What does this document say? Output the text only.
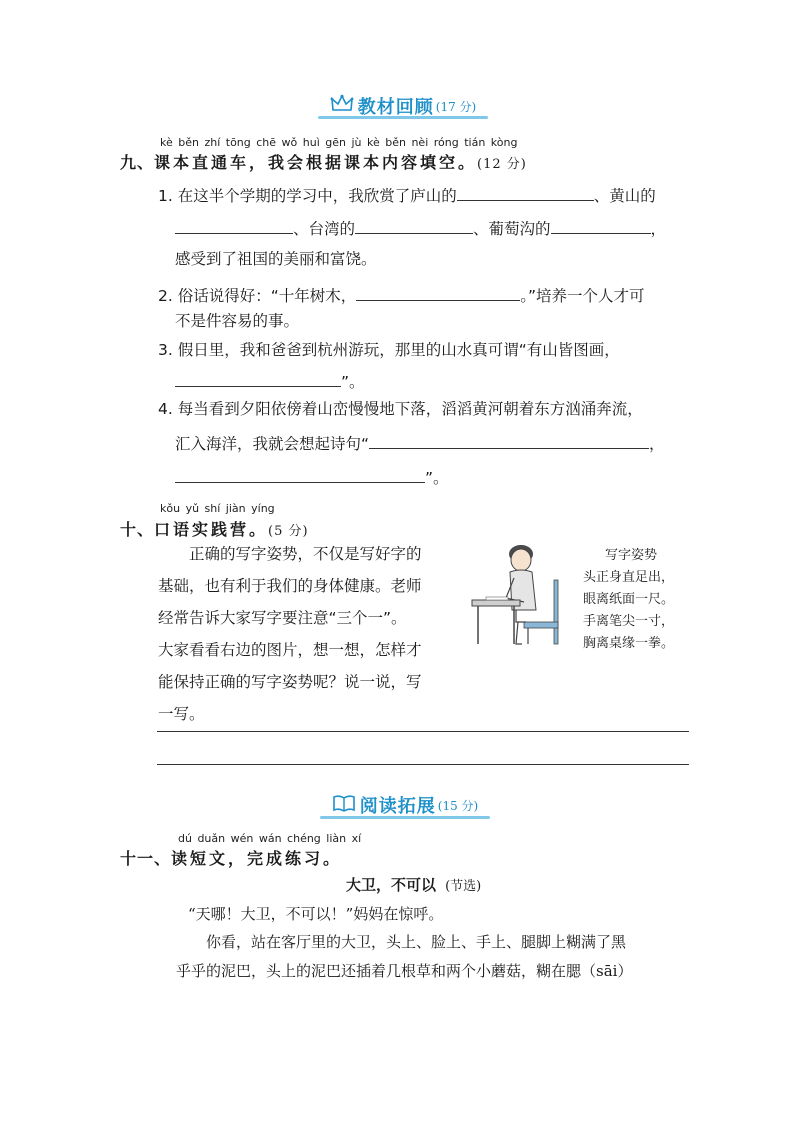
教材回顾 (17 分)
kè běn zhí tōng chē wǒ huì gēn jù kè běn nèi róng tián kòng
九、课本直通车，我会根据课本内容填空。(12 分)
1. 在这半个学期的学习中，我欣赏了庐山的	、黄山的
、台湾的	、葡萄沟的	，
感受到了祖国的美丽和富饶。
2. 俗话说得好：“十年树木，	。”培养一个人才可
不是件容易的事。
3. 假日里，我和爸爸到杭州游玩，那里的山水真可谓“有山皆图画，
”。
4. 每当看到夕阳依傍着山峦慢慢地下落，滔滔黄河朝着东方汹涌奔流，
汇入海洋，我就会想起诗句“	，
”。
kǒu yǔ shí jiàn yíng
十、口语实践营。(5 分)
正确的写字姿势，不仅是写好字的
基础，也有利于我们的身体健康。老师
经常告诉大家写字要注意“三个一”。
大家看看右边的图片，想一想，怎样才
能保持正确的写字姿势呢？说一说，写
一写。
写字姿势
头正身直足出，
眼离纸面一尺。
手离笔尖一寸，
胸离桌缘一拳。
阅读拓展 (15 分)
dú duǎn wén wán chéng liàn xí
十一、读短文，完成练习。
大卫，不可以 (节选)
“天哪！大卫，不可以！”妈妈在惊呼。
你看，站在客厅里的大卫，头上、脸上、手上、腿脚上糊满了黑
乎乎的泥巴，头上的泥巴还插着几根草和两个小蘑菇，糊在腮（sāi）
